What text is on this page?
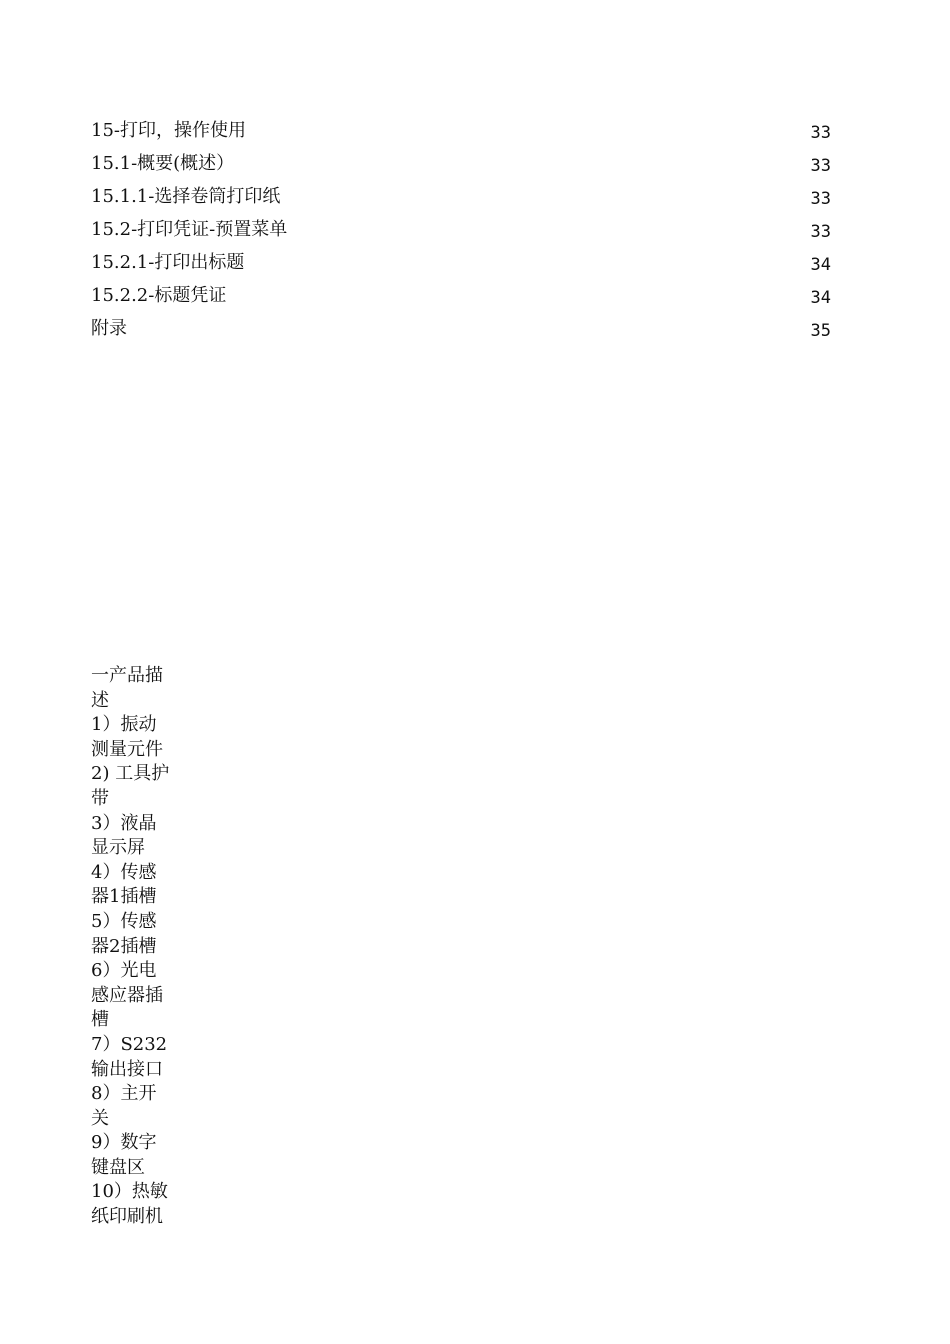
15-打印，操作使用	33
15.1-概要(概述）	33
15.1.1-选择卷筒打印纸	33
15.2-打印凭证-预置菜单	33
15.2.1-打印出标题	34
15.2.2-标题凭证	34
附录	35
一产品描
述
1）振动
测量元件
2) 工具护
带
3）液晶
显示屏
4）传感
器1插槽
5）传感
器2插槽
6）光电
感应器插
槽
7）S232
输出接口
8）主开
关
9）数字
键盘区
10）热敏
纸印刷机
